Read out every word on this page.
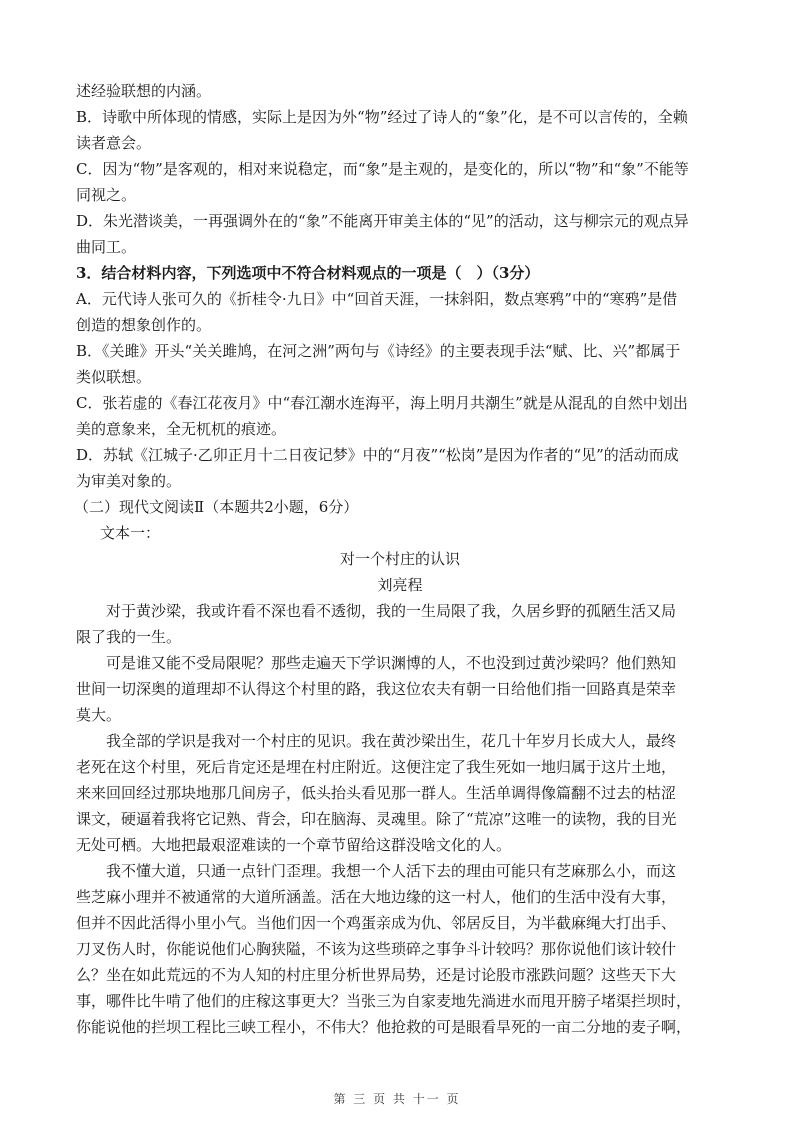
述经验联想的内涵。
B．诗歌中所体现的情感，实际上是因为外“物”经过了诗人的“象”化，是不可以言传的，全赖
读者意会。
C．因为“物”是客观的，相对来说稳定，而“象”是主观的，是变化的，所以“物”和“象”不能等
同视之。
D．朱光潜谈美，一再强调外在的“象”不能离开审美主体的“见”的活动，这与柳宗元的观点异
曲同工。
3．结合材料内容，下列选项中不符合材料观点的一项是（　）（3分）
A．元代诗人张可久的《折桂令·九日》中“回首天涯，一抹斜阳，数点寒鸦”中的“寒鸦”是借
创造的想象创作的。
B．《关雎》开头“关关雎鸠，在河之洲”两句与《诗经》的主要表现手法“赋、比、兴”都属于
类似联想。
C．张若虚的《春江花夜月》中“春江潮水连海平，海上明月共潮生”就是从混乱的自然中划出
美的意象来，全无杌杌的痕迹。
D．苏轼《江城子·乙卯正月十二日夜记梦》中的“月夜”“松岗”是因为作者的“见”的活动而成
为审美对象的。
（二）现代文阅读Ⅱ（本题共2小题，6分）
文本一：
对一个村庄的认识
刘亮程
对于黄沙梁，我或许看不深也看不透彻，我的一生局限了我，久居乡野的孤陋生活又局
限了我的一生。
可是谁又能不受局限呢？那些走遍天下学识渊博的人，不也没到过黄沙梁吗？他们熟知
世间一切深奥的道理却不认得这个村里的路，我这位农夫有朝一日给他们指一回路真是荣幸
莫大。
我全部的学识是我对一个村庄的见识。我在黄沙梁出生，花几十年岁月长成大人，最终
老死在这个村里，死后肯定还是埋在村庄附近。这便注定了我生死如一地归属于这片土地，
来来回回经过那块地那几间房子，低头抬头看见那一群人。生活单调得像篇翻不过去的枯涩
课文，硬逼着我将它记熟、背会，印在脑海、灵魂里。除了“荒凉”这唯一的读物，我的目光
无处可栖。大地把最艰涩难读的一个章节留给这群没啥文化的人。
我不懂大道，只通一点针门歪理。我想一个人活下去的理由可能只有芝麻那么小，而这
些芝麻小理并不被通常的大道所涵盖。活在大地边缘的这一村人，他们的生活中没有大事，
但并不因此活得小里小气。当他们因一个鸡蛋亲成为仇、邻居反目，为半截麻绳大打出手、
刀叉伤人时，你能说他们心胸狭隘，不该为这些琐碎之事争斗计较吗？那你说他们该计较什
么？坐在如此荒远的不为人知的村庄里分析世界局势，还是讨论股市涨跌问题？这些天下大
事，哪件比牛啃了他们的庄稼这事更大？当张三为自家麦地先淌进水而甩开膀子堵渠拦坝时，
你能说他的拦坝工程比三峡工程小，不伟大？他抢救的可是眼看旱死的一亩二分地的麦子啊，
第 三 页 共 十一 页
